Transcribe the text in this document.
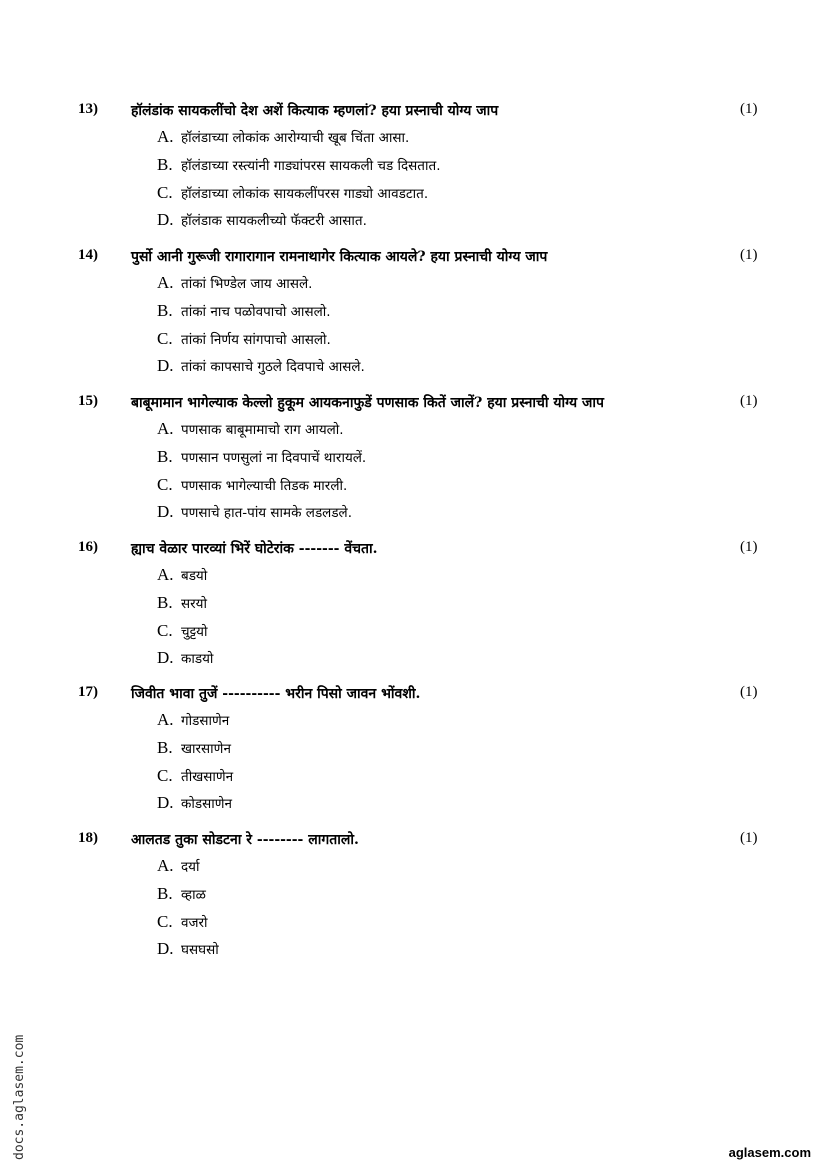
13) हॉलंडांक सायकलींचो देश अशें कित्याक म्हणलां? हया प्रस्नाची योग्य जाप	(1)
A. हॉलंडाच्या लोकांक आरोग्याची खूब चिंता आसा.
B. हॉलंडाच्या रस्त्यांनी गाड्यांपरस सायकली चड दिसतात.
C. हॉलंडाच्या लोकांक सायकलींपरस गाड्यो आवडटात.
D. हॉलंडाक सायकलीच्यो फॅक्टरी आसात.
14) पुर्सो आनी गुरूजी रागारागान रामनाथागेर कित्याक आयले? हया प्रस्नाची योग्य जाप	(1)
A. तांकां भिण्डेल जाय आसले.
B. तांकां नाच पळोवपाचो आसलो.
C. तांकां निर्णय सांगपाचो आसलो.
D. तांकां कापसाचे गुठले दिवपाचे आसले.
15) बाबूमामान भागेल्याक केल्लो हुकूम आयकनाफुडें पणसाक कितें जालें? हया प्रस्नाची योग्य जाप	(1)
A. पणसाक बाबूमामाचो राग आयलो.
B. पणसान पणसुलां ना दिवपाचें थारायलें.
C. पणसाक भागेल्याची तिडक मारली.
D. पणसाचे हात-पांय सामके लडलडले.
16) ह्याच वेळार पारव्यां भिरें घोटेरांक ------- वेंचता.	(1)
A. बडयो
B. सरयो
C. चुट्टयो
D. काडयो
17) जिवीत भावा तुजें ---------- भरीन पिसो जावन भोंवशी.	(1)
A. गोडसाणेन
B. खारसाणेन
C. तीखसाणेन
D. कोडसाणेन
18) आलतड तुका सोडटना रे -------- लागतालो.	(1)
A. दर्या
B. व्हाळ
C. वजरो
D. घसघसो
docs.aglasem.com	aglasem.com
